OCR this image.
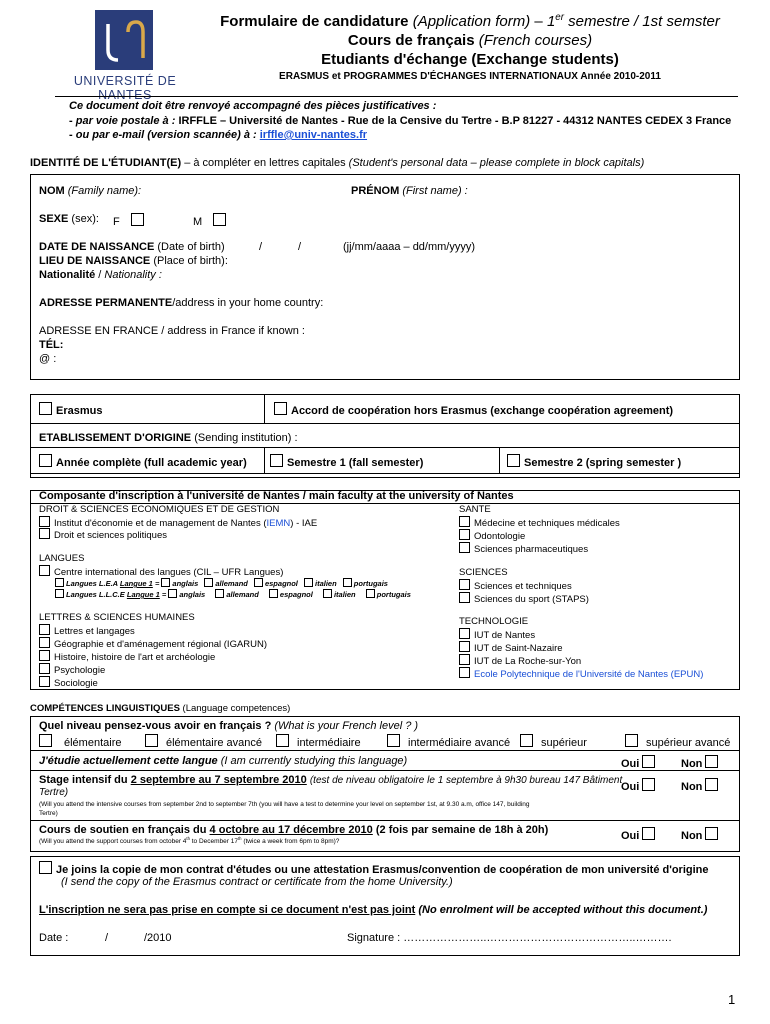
UNIVERSITÉ DE NANTES
Formulaire de candidature (Application form) – 1er semestre / 1st semster
Cours de français (French courses)
Etudiants d'échange (Exchange students)
ERASMUS et PROGRAMMES D'ÉCHANGES INTERNATIONAUX Année 2010-2011
Ce document doit être renvoyé accompagné des pièces justificatives :
- par voie postale à : IRFFLE – Université de Nantes - Rue de la Censive du Tertre - B.P 81227 - 44312 NANTES CEDEX 3 France
- ou par e-mail (version scannée) à : irffle@univ-nantes.fr
IDENTITÉ DE L'ÉTUDIANT(E) – à compléter en lettres capitales (Student's personal data – please complete in block capitals)
NOM (Family name):	PRÉNOM (First name) :
SEXE (sex): F	M
DATE DE NAISSANCE (Date of birth)	/	/	(jj/mm/aaaa – dd/mm/yyyy)
LIEU DE NAISSANCE (Place of birth):
Nationalité / Nationality :
ADRESSE PERMANENTE/address in your home country:
ADRESSE EN FRANCE / address in France if known :
TÉL:
@ :
Erasmus	Accord de coopération hors Erasmus (exchange coopération agreement)
ETABLISSEMENT D'ORIGINE (Sending institution) :
Année complète (full academic year)	Semestre 1 (fall semester)	Semestre 2 (spring semester )
Composante d'inscription à l'université de Nantes / main faculty at the university of Nantes
DROIT & SCIENCES ECONOMIQUES ET DE GESTION
Institut d'économie et de management de Nantes (IEMN) - IAE
Droit et sciences politiques
LANGUES
Centre international des langues (CIL – UFR Langues)
Langues L.E.A Langue 1 = anglais allemand espagnol italien portugais
Langues L.L.C.E Langue 1 = anglais	allemand	espagnol	italien	portugais
LETTRES & SCIENCES HUMAINES
Lettres et langages
Géographie et d'aménagement régional (IGARUN)
Histoire, histoire de l'art et archéologie
Psychologie
Sociologie
SANTE
Médecine et techniques médicales
Odontologie
Sciences pharmaceutiques
SCIENCES
Sciences et techniques
Sciences du sport (STAPS)
TECHNOLOGIE
IUT de Nantes
IUT de Saint-Nazaire
IUT de La Roche-sur-Yon
Ecole Polytechnique de l'Université de Nantes (EPUN)
COMPÉTENCES LINGUISTIQUES (Language competences)
Quel niveau pensez-vous avoir en français ? (What is your French level ? )
élémentaire	élémentaire avancé	intermédiaire	intermédiaire avancé	supérieur	supérieur avancé
J'étudie actuellement cette langue (I am currently studying this language)	Oui	Non
Stage intensif du 2 septembre au 7 septembre 2010 (test de niveau obligatoire le 1 septembre à 9h30 bureau 147 Bâtiment
Tertre)	Oui	Non
(Will you attend the intensive courses from september 2nd to september 7th (you will have a test to determine your level on september 1st, at 9.30 a.m, office 147, building
Tertre)
Cours de soutien en français du 4 octobre au 17 décembre 2010 (2 fois par semaine de 18h à 20h)	Oui	Non
(Will you attend the support courses from october 4th to December 17th (twice a week from 6pm to 8pm)?
Je joins la copie de mon contrat d'études ou une attestation Erasmus/convention de coopération de mon université d'origine
(I send the copy of the Erasmus contract or certificate from the home University.)
L'inscription ne sera pas prise en compte si ce document n'est pas joint (No enrolment will be accepted without this document.)
Date :	/	/2010	Signature : …………………..…………………………………..……….
1
